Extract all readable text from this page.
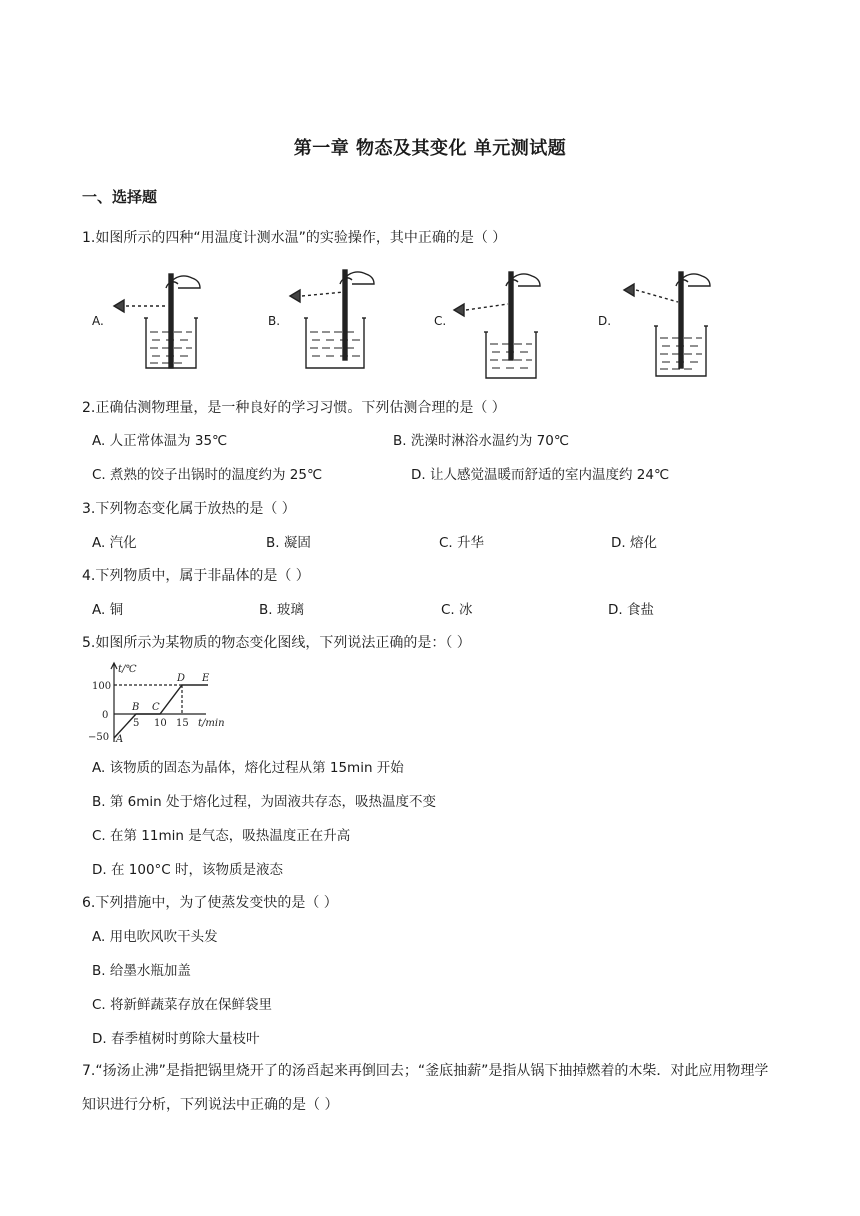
第一章 物态及其变化 单元测试题
一、选择题
1.如图所示的四种“用温度计测水温”的实验操作，其中正确的是（ ）
A.	B.	C.	D.
2.正确估测物理量，是一种良好的学习习惯。下列估测合理的是（ ）
A. 人正常体温为 35℃	B. 洗澡时淋浴水温约为 70℃
C. 煮熟的饺子出锅时的温度约为 25℃	D. 让人感觉温暖而舒适的室内温度约 24℃
3.下列物态变化属于放热的是（ ）
A. 汽化	B. 凝固	C. 升华	D. 熔化
4.下列物质中，属于非晶体的是（ ）
A. 铜	B. 玻璃	C. 冰	D. 食盐
5.如图所示为某物质的物态变化图线，下列说法正确的是：（ ）
t/℃
100
0
−50
5 10 15 t/min
A
B C
D E
A. 该物质的固态为晶体，熔化过程从第 15min 开始
B. 第 6min 处于熔化过程，为固液共存态，吸热温度不变
C. 在第 11min 是气态，吸热温度正在升高
D. 在 100°C 时，该物质是液态
6.下列措施中，为了使蒸发变快的是（ ）
A. 用电吹风吹干头发
B. 给墨水瓶加盖
C. 将新鲜蔬菜存放在保鲜袋里
D. 春季植树时剪除大量枝叶
7.“扬汤止沸”是指把锅里烧开了的汤舀起来再倒回去；“釜底抽薪”是指从锅下抽掉燃着的木柴．对此应用物理学知识进行分析，下列说法中正确的是（ ）
